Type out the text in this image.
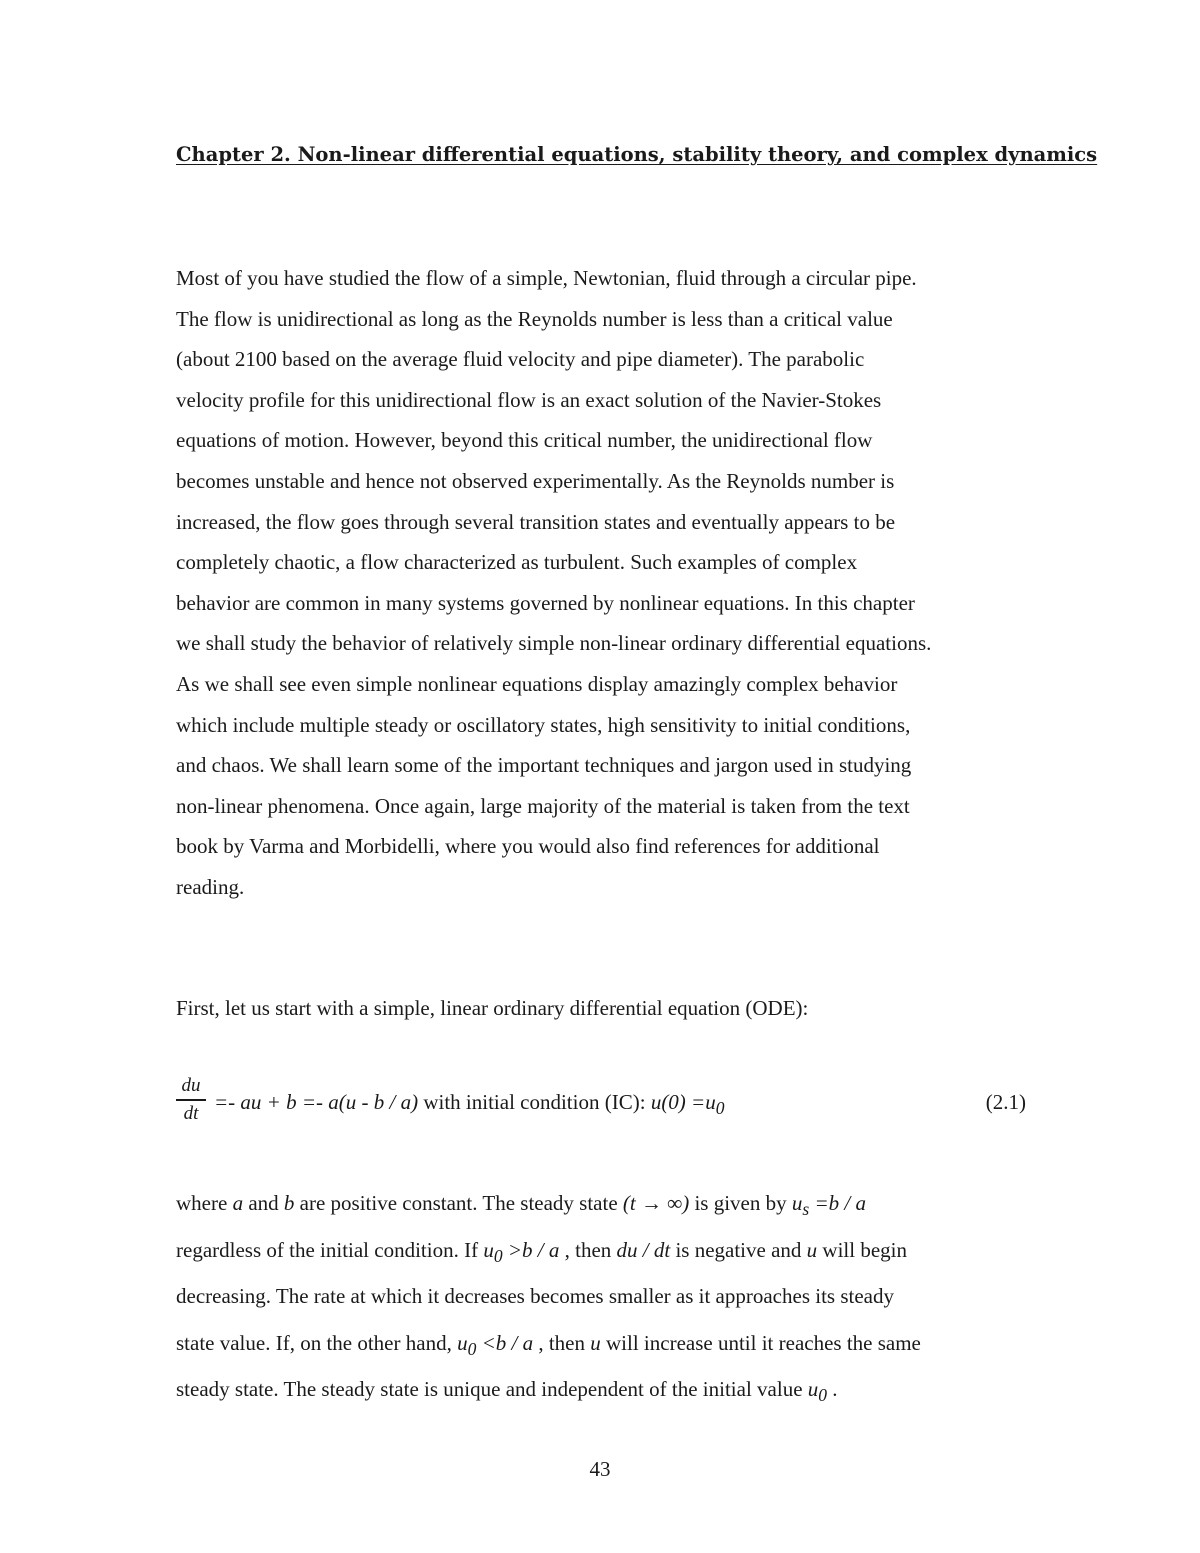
Chapter 2. Non-linear differential equations, stability theory, and complex dynamics
Most of you have studied the flow of a simple, Newtonian, fluid through a circular pipe.
The flow is unidirectional as long as the Reynolds number is less than a critical value
(about 2100 based on the average fluid velocity and pipe diameter). The parabolic
velocity profile for this unidirectional flow is an exact solution of the Navier-Stokes
equations of motion. However, beyond this critical number, the unidirectional flow
becomes unstable and hence not observed experimentally. As the Reynolds number is
increased, the flow goes through several transition states and eventually appears to be
completely chaotic, a flow characterized as turbulent. Such examples of complex
behavior are common in many systems governed by nonlinear equations. In this chapter
we shall study the behavior of relatively simple non-linear ordinary differential equations.
As we shall see even simple nonlinear equations display amazingly complex behavior
which include multiple steady or oscillatory states, high sensitivity to initial conditions,
and chaos. We shall learn some of the important techniques and jargon used in studying
non-linear phenomena. Once again, large majority of the material is taken from the text
book by Varma and Morbidelli, where you would also find references for additional
reading.
First, let us start with a simple, linear ordinary differential equation (ODE):
du
dt =- au + b =- a(u - b / a) with initial condition (IC): $u(0) =u_0$	(2.1)
where a and b are positive constant. The steady state (t → ∞) is given by $u_s =b / a$
regardless of the initial condition. If $u_0 >b / a$ , then du / dt is negative and u will begin
decreasing. The rate at which it decreases becomes smaller as it approaches its steady
state value. If, on the other hand, $u_0 <b / a$ , then u will increase until it reaches the same
steady state. The steady state is unique and independent of the initial value $u_0$ .
43
